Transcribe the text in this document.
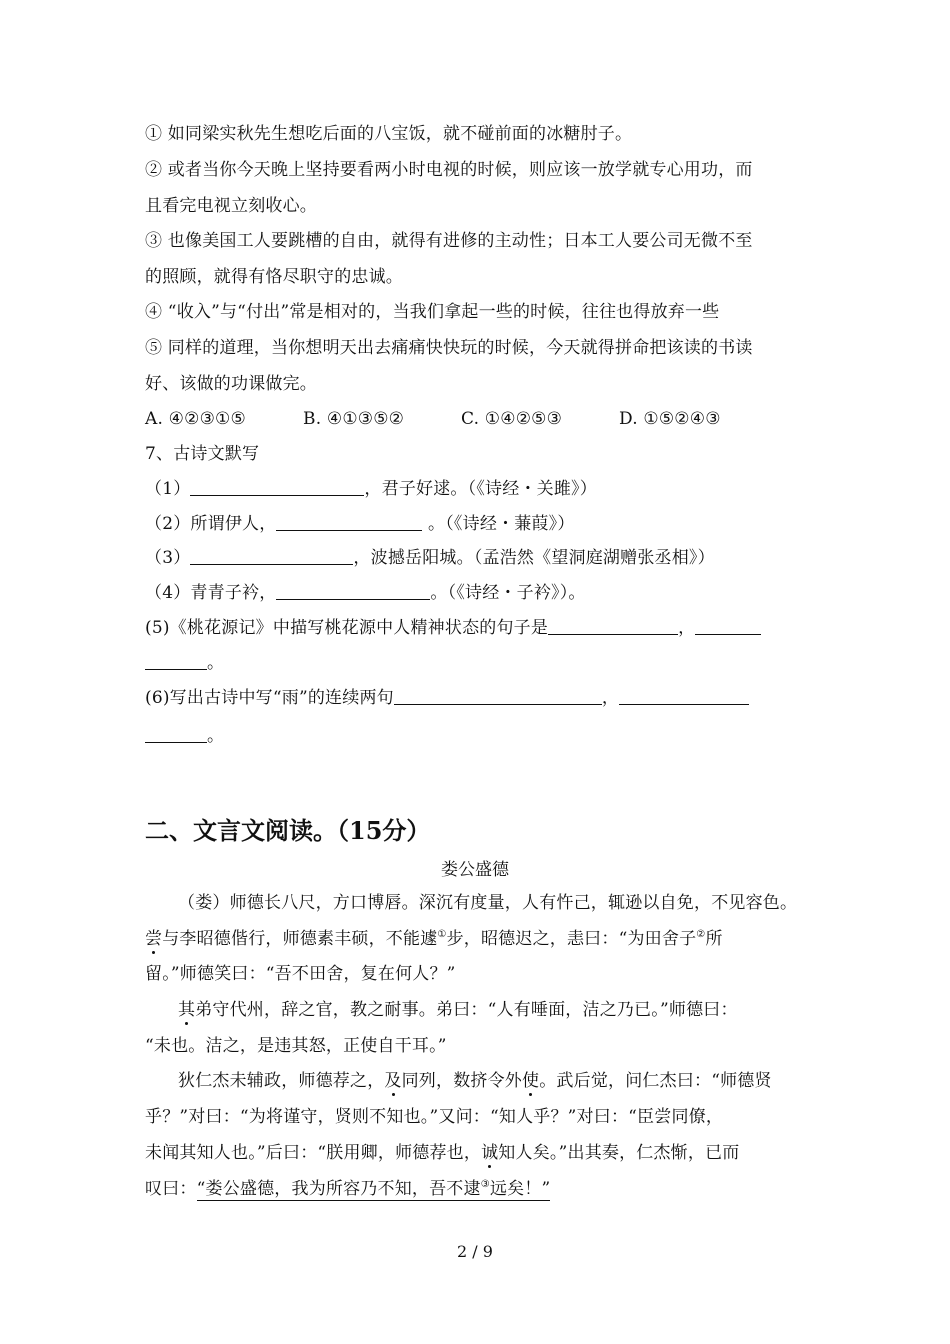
① 如同梁实秋先生想吃后面的八宝饭，就不碰前面的冰糖肘子。
② 或者当你今天晚上坚持要看两小时电视的时候，则应该一放学就专心用功，而
且看完电视立刻收心。
③ 也像美国工人要跳槽的自由，就得有进修的主动性；日本工人要公司无微不至
的照顾，就得有恪尽职守的忠诚。
④ “收入”与“付出”常是相对的，当我们拿起一些的时候，往往也得放弃一些
⑤ 同样的道理，当你想明天出去痛痛快快玩的时候，今天就得拼命把该读的书读
好、该做的功课做完。
A. ④②③①⑤	B. ④①③⑤②	C. ①④②⑤③	D. ①⑤②④③
7、古诗文默写
（1）	，君子好逑。（《诗经・关雎》）
（2）所谓伊人，	。（《诗经・蒹葭》）
（3）	，波撼岳阳城。（孟浩然《望洞庭湖赠张丞相》）
（4）青青子衿，	。（《诗经・子衿》）。
(5)《桃花源记》中描写桃花源中人精神状态的句子是	，
。
(6)写出古诗中写“雨”的连续两句	，
。
二、文言文阅读。（15分）
娄公盛德
（娄）师德长八尺，方口博唇。深沉有度量，人有忤己，辄逊以自免，不见容色。
尝与李昭德偕行，师德素丰硕，不能遽①步，昭德迟之，恚曰：“为田舍子②所
留。”师德笑曰：“吾不田舍，复在何人？”
其弟守代州，辞之官，教之耐事。弟曰：“人有唾面，洁之乃已。”师德曰：
“未也。洁之，是违其怒，正使自干耳。”
狄仁杰未辅政，师德荐之，及同列，数挤令外使。武后觉，问仁杰曰：“师德贤
乎？”对曰：“为将谨守，贤则不知也。”又问：“知人乎？”对曰：“臣尝同僚，
未闻其知人也。”后曰：“朕用卿，师德荐也，诚知人矣。”出其奏，仁杰惭，已而
叹曰：“娄公盛德，我为所容乃不知，吾不逮③远矣！”
2 / 9
